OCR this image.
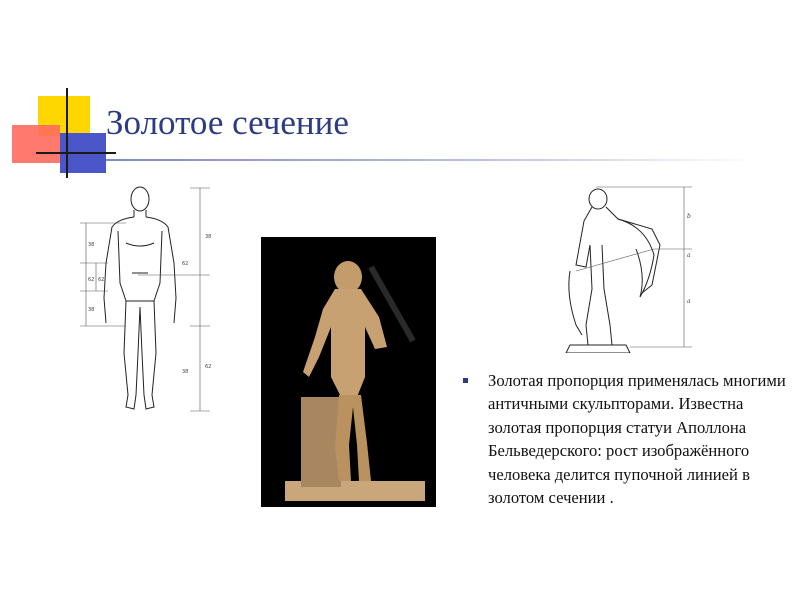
Золотое сечение
38
62
62
38
38
62
38
62
b
a
a
Золотая пропорция применялась многими античными скульпторами. Известна золотая пропорция статуи Аполлона Бельведерского: рост изображённого человека делится пупочной линией в золотом сечении .
